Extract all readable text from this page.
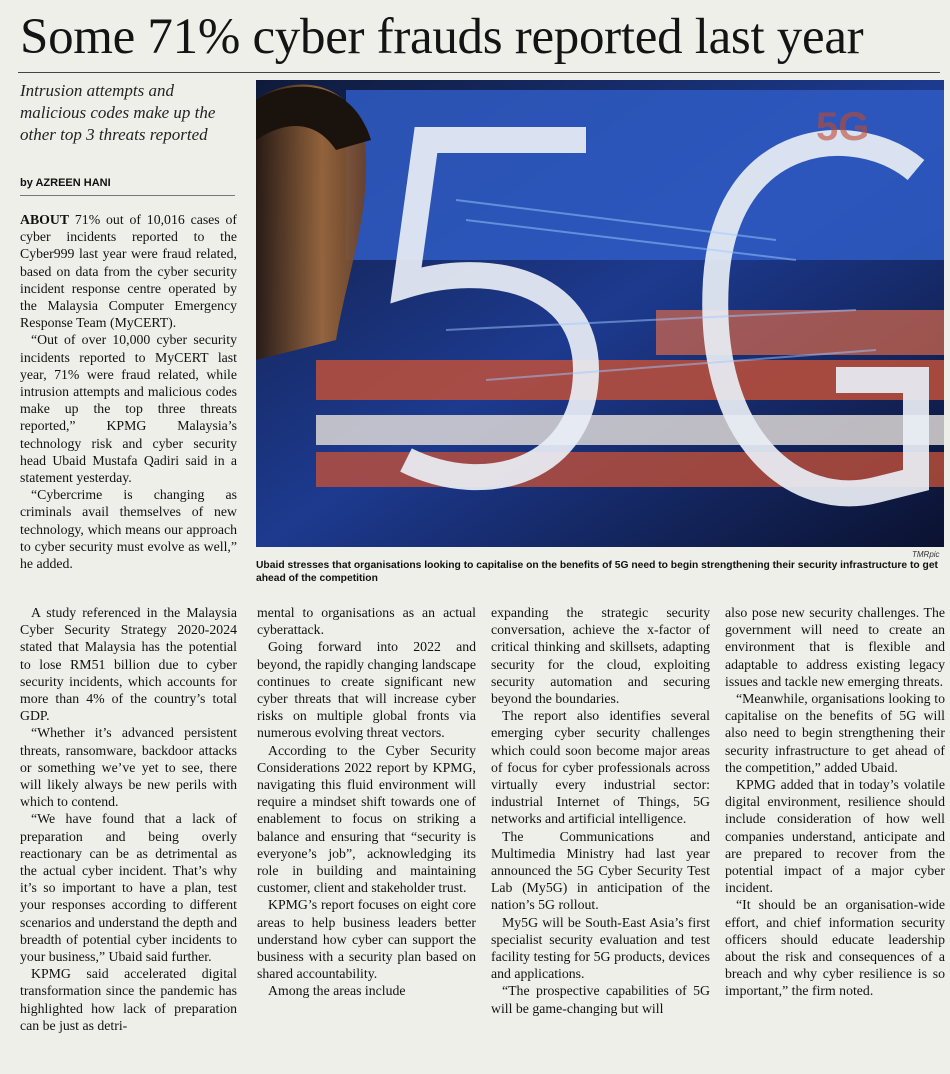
Some 71% cyber frauds reported last year

Intrusion attempts and malicious codes make up the other top 3 threats reported

by AZREEN HANI
5G
TMRpic

Ubaid stresses that organisations looking to capitalise on the benefits of 5G need to begin strengthening their security infrastructure to get ahead of the competition

ABOUT 71% out of 10,016 cases of cyber incidents reported to the Cyber999 last year were fraud related, based on data from the cyber security incident response centre operated by the Malaysia Computer Emergency Response Team (MyCERT).

“Out of over 10,000 cyber security incidents reported to MyCERT last year, 71% were fraud related, while intrusion attempts and malicious codes make up the top three threats reported,” KPMG Malaysia’s technology risk and cyber security head Ubaid Mustafa Qadiri said in a statement yesterday.

“Cybercrime is changing as criminals avail themselves of new technology, which means our approach to cyber security must evolve as well,” he added.

A study referenced in the Malaysia Cyber Security Strategy 2020-2024 stated that Malaysia has the potential to lose RM51 billion due to cyber security incidents, which accounts for more than 4% of the country’s total GDP.

“Whether it’s advanced persistent threats, ransomware, backdoor attacks or something we’ve yet to see, there will likely always be new perils with which to contend.

“We have found that a lack of preparation and being overly reactionary can be as detrimental as the actual cyber incident. That’s why it’s so important to have a plan, test your responses according to different scenarios and understand the depth and breadth of potential cyber incidents to your business,” Ubaid said further.

KPMG said accelerated digital transformation since the pandemic has highlighted how lack of preparation can be just as detri-

mental to organisations as an actual cyberattack.

Going forward into 2022 and beyond, the rapidly changing landscape continues to create significant new cyber threats that will increase cyber risks on multiple global fronts via numerous evolving threat vectors.

According to the Cyber Security Considerations 2022 report by KPMG, navigating this fluid environment will require a mindset shift towards one of enablement to focus on striking a balance and ensuring that “security is everyone’s job”, acknowledging its role in building and maintaining customer, client and stakeholder trust.

KPMG’s report focuses on eight core areas to help business leaders better understand how cyber can support the business with a security plan based on shared accountability.

Among the areas include

expanding the strategic security conversation, achieve the x-factor of critical thinking and skillsets, adapting security for the cloud, exploiting security automation and securing beyond the boundaries.

The report also identifies several emerging cyber security challenges which could soon become major areas of focus for cyber professionals across virtually every industrial sector: industrial Internet of Things, 5G networks and artificial intelligence.

The Communications and Multimedia Ministry had last year announced the 5G Cyber Security Test Lab (My5G) in anticipation of the nation’s 5G rollout.

My5G will be South-East Asia’s first specialist security evaluation and test facility testing for 5G products, devices and applications.

“The prospective capabilities of 5G will be game-changing but will

also pose new security challenges. The government will need to create an environment that is flexible and adaptable to address existing legacy issues and tackle new emerging threats.

“Meanwhile, organisations looking to capitalise on the benefits of 5G will also need to begin strengthening their security infrastructure to get ahead of the competition,” added Ubaid.

KPMG added that in today’s volatile digital environment, resilience should include consideration of how well companies understand, anticipate and are prepared to recover from the potential impact of a major cyber incident.

“It should be an organisation-wide effort, and chief information security officers should educate leadership about the risk and consequences of a breach and why cyber resilience is so important,” the firm noted.
